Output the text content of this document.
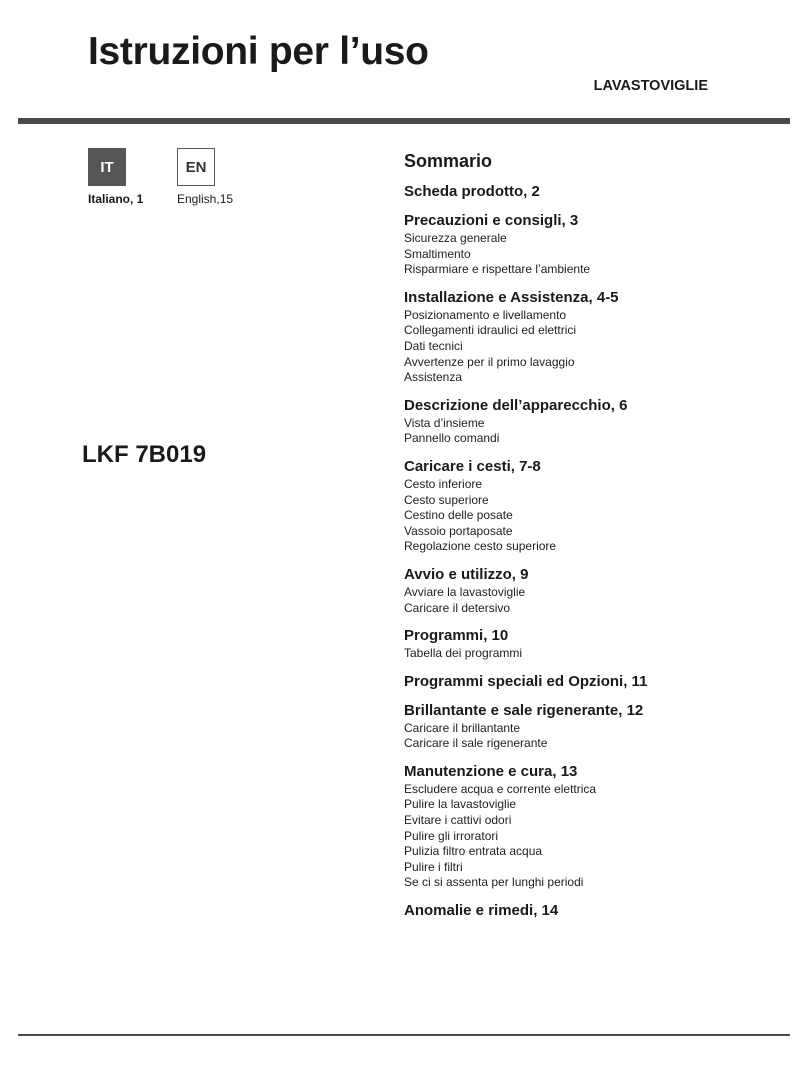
Istruzioni per l’uso
LAVASTOVIGLIE
IT	EN
Italiano, 1	English,15
LKF 7B019
Sommario
Scheda prodotto, 2
Precauzioni e consigli, 3
Sicurezza generale
Smaltimento
Risparmiare e rispettare l’ambiente
Installazione e Assistenza, 4-5
Posizionamento e livellamento
Collegamenti idraulici ed elettrici
Dati tecnici
Avvertenze per il primo lavaggio
Assistenza
Descrizione dell’apparecchio, 6
Vista d’insieme
Pannello comandi
Caricare i cesti, 7-8
Cesto inferiore
Cesto superiore
Cestino delle posate
Vassoio portaposate
Regolazione cesto superiore
Avvio e utilizzo, 9
Avviare la lavastoviglie
Caricare il detersivo
Programmi, 10
Tabella dei programmi
Programmi speciali ed Opzioni, 11
Brillantante e sale rigenerante, 12
Caricare il brillantante
Caricare il sale rigenerante
Manutenzione e cura, 13
Escludere acqua e corrente elettrica
Pulire la lavastoviglie
Evitare i cattivi odori
Pulire gli irroratori
Pulizia filtro entrata acqua
Pulire i filtri
Se ci si assenta per lunghi periodi
Anomalie e rimedi, 14
